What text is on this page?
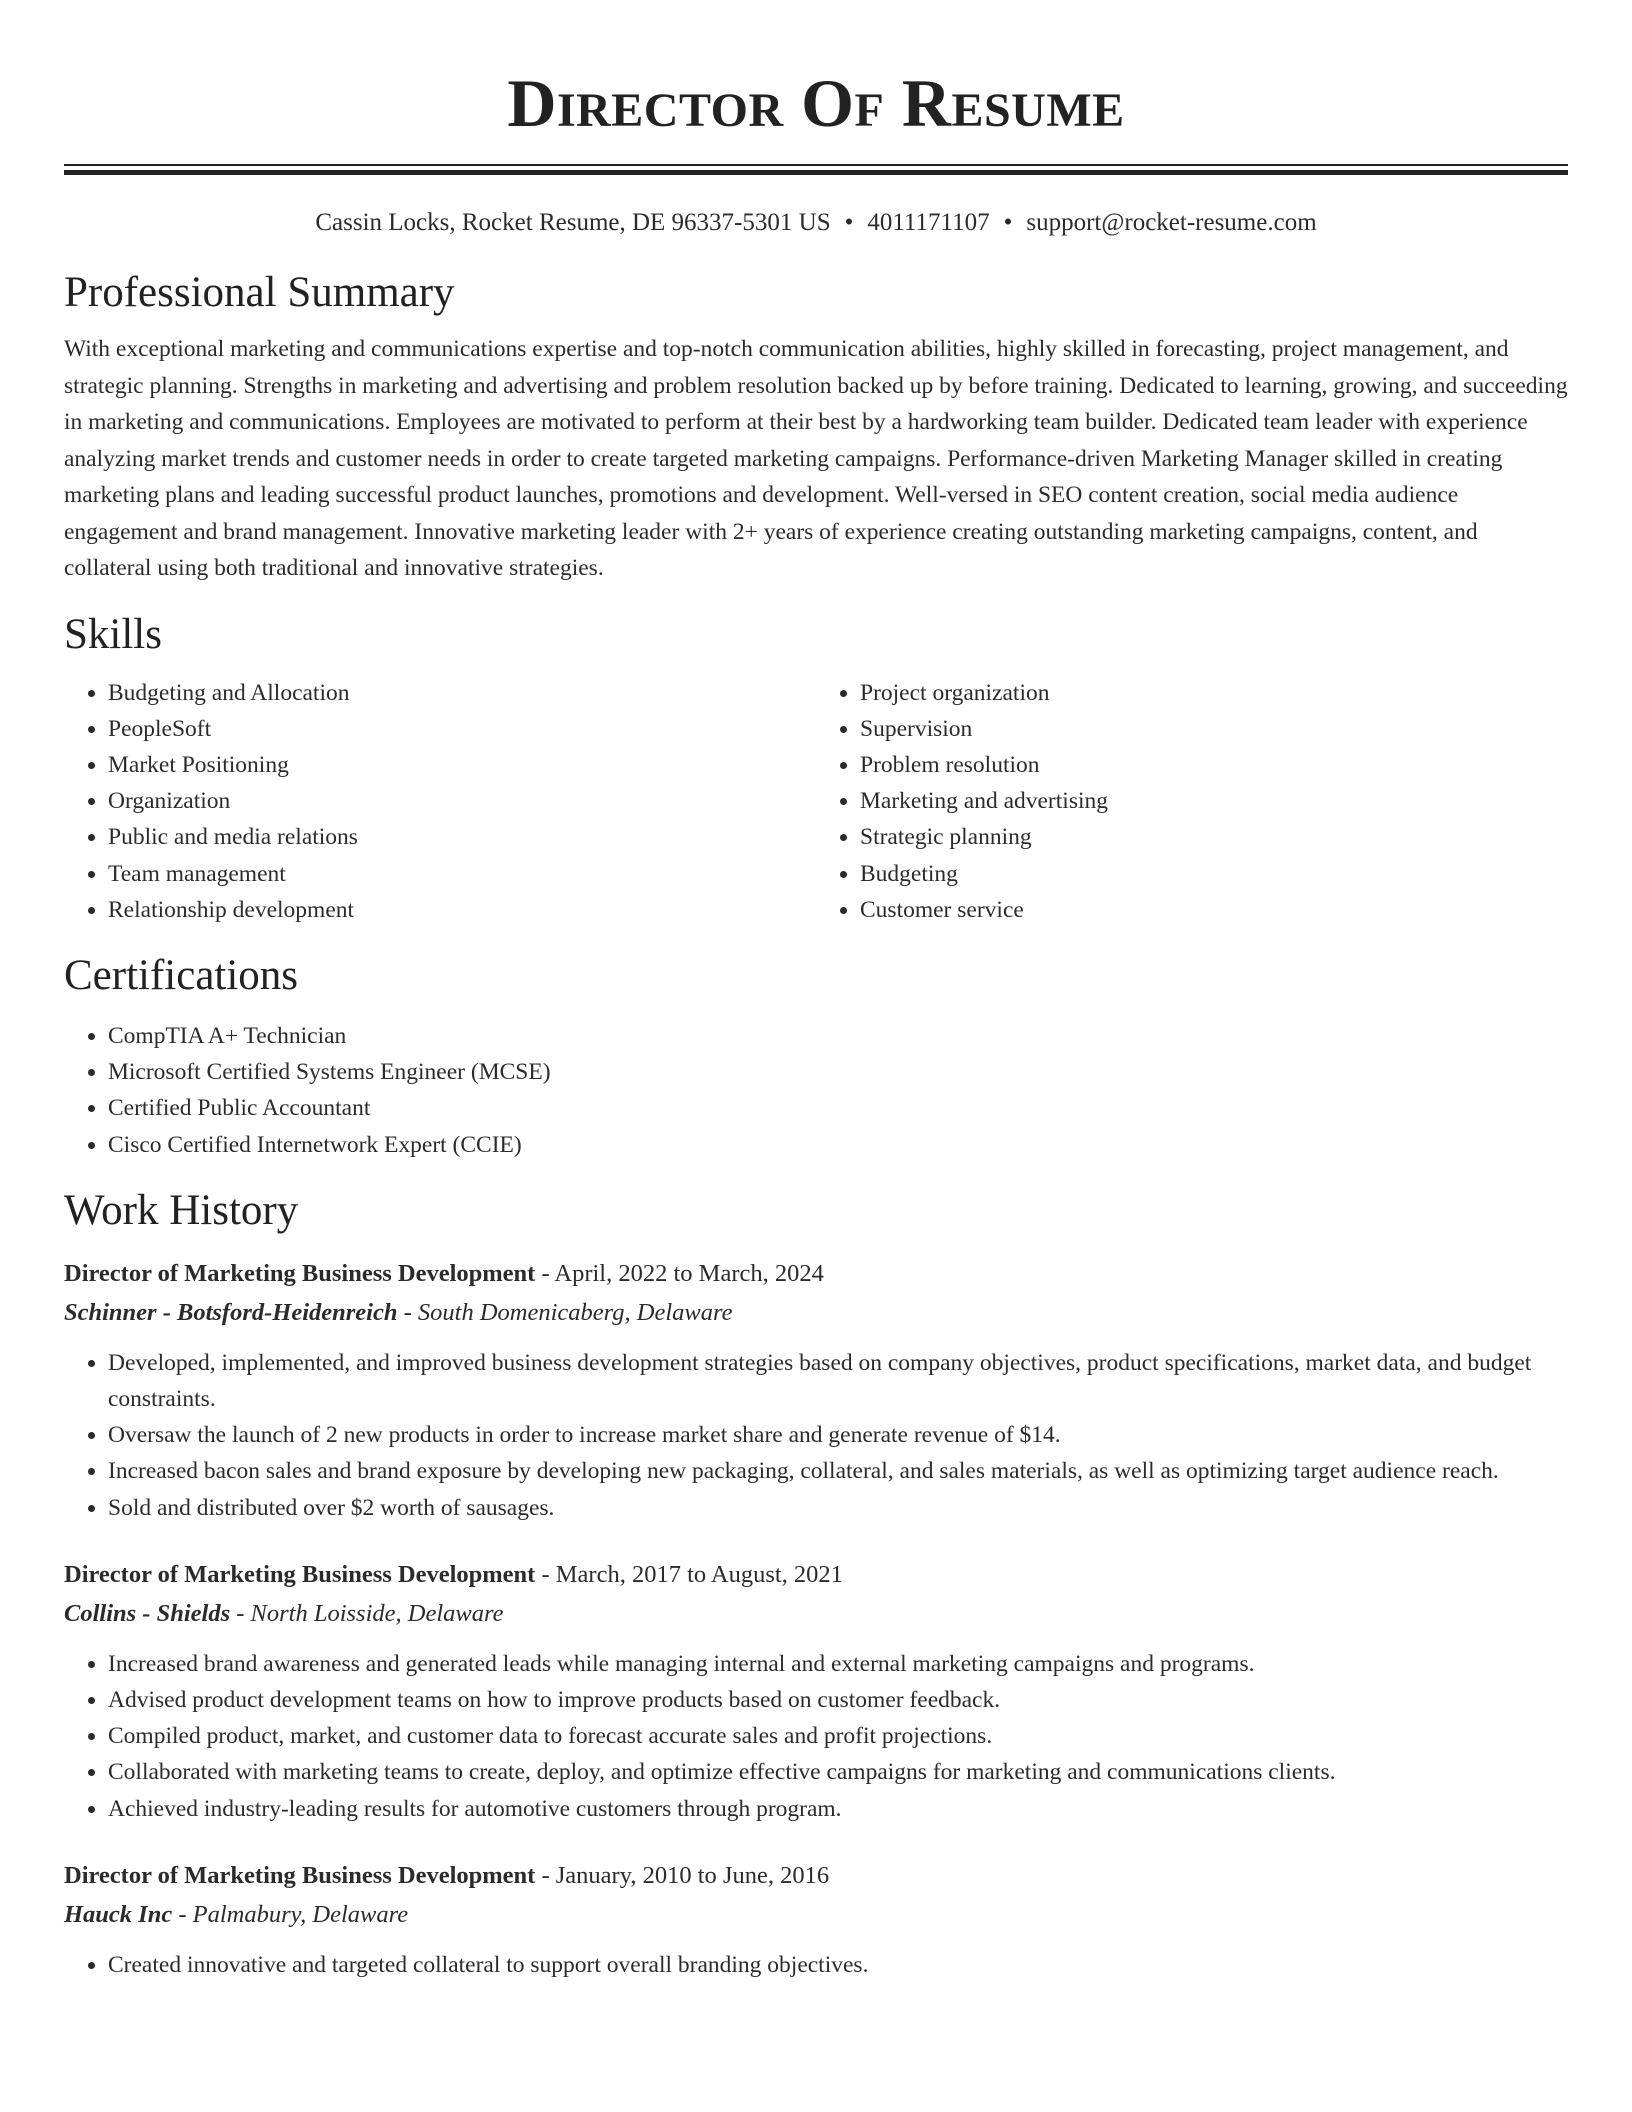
Director Of Resume
Cassin Locks, Rocket Resume, DE 96337-5301 US • 4011171107 • support@rocket-resume.com
Professional Summary

With exceptional marketing and communications expertise and top-notch communication abilities, highly skilled in forecasting, project management, and strategic planning. Strengths in marketing and advertising and problem resolution backed up by before training. Dedicated to learning, growing, and succeeding in marketing and communications. Employees are motivated to perform at their best by a hardworking team builder. Dedicated team leader with experience analyzing market trends and customer needs in order to create targeted marketing campaigns. Performance-driven Marketing Manager skilled in creating marketing plans and leading successful product launches, promotions and development. Well-versed in SEO content creation, social media audience engagement and brand management. Innovative marketing leader with 2+ years of experience creating outstanding marketing campaigns, content, and collateral using both traditional and innovative strategies.

Skills
• Budgeting and Allocation
• PeopleSoft
• Market Positioning
• Organization
• Public and media relations
• Team management
• Relationship development
• Project organization
• Supervision
• Problem resolution
• Marketing and advertising
• Strategic planning
• Budgeting
• Customer service
Certifications
• CompTIA A+ Technician
• Microsoft Certified Systems Engineer (MCSE)
• Certified Public Accountant
• Cisco Certified Internetwork Expert (CCIE)
Work History
Director of Marketing Business Development - April, 2022 to March, 2024
Schinner - Botsford-Heidenreich - South Domenicaberg, Delaware
• Developed, implemented, and improved business development strategies based on company objectives, product specifications, market data, and budget constraints.
• Oversaw the launch of 2 new products in order to increase market share and generate revenue of $14.
• Increased bacon sales and brand exposure by developing new packaging, collateral, and sales materials, as well as optimizing target audience reach.
• Sold and distributed over $2 worth of sausages.
Director of Marketing Business Development - March, 2017 to August, 2021
Collins - Shields - North Loisside, Delaware
• Increased brand awareness and generated leads while managing internal and external marketing campaigns and programs.
• Advised product development teams on how to improve products based on customer feedback.
• Compiled product, market, and customer data to forecast accurate sales and profit projections.
• Collaborated with marketing teams to create, deploy, and optimize effective campaigns for marketing and communications clients.
• Achieved industry-leading results for automotive customers through program.
Director of Marketing Business Development - January, 2010 to June, 2016
Hauck Inc - Palmabury, Delaware
• Created innovative and targeted collateral to support overall branding objectives.
